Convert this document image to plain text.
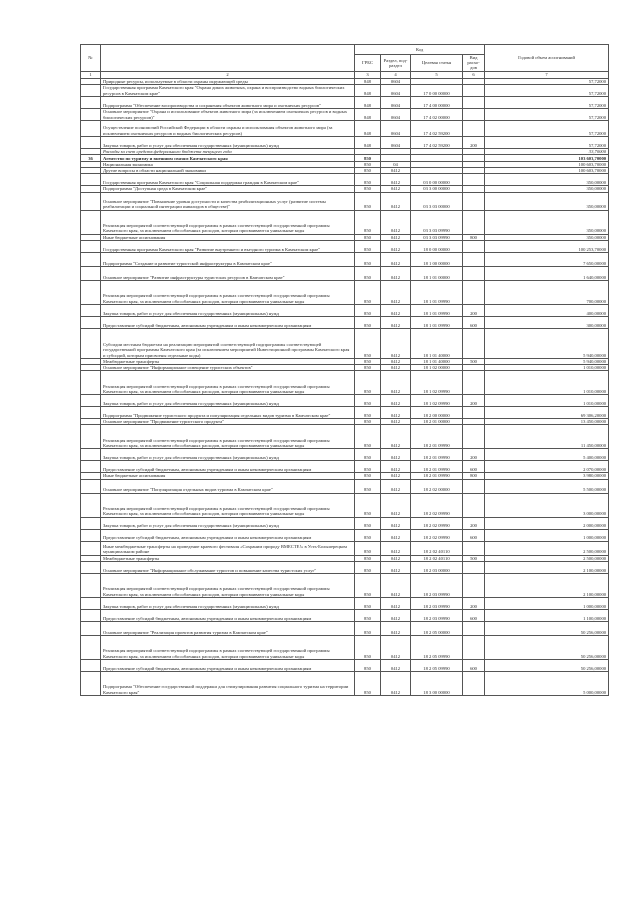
№		Код				Годовой объем ассигнований
		ГРБС	Раздел, под-раздел	Целевая статья	Вид расхо-дов	
1	2	3	4	5	6	7
	Природные ресурсы, используемые в области охраны окружающей среды	848	0604			57,72000
	Государственная программа Камчатского края "Охрана диких животных, охрана и воспроизводство водных биологических ресурсов в Камчатском крае"	848	0604	17 0 00 00000		57,72000
	Подпрограмма "Обеспечение воспроизводства и сохранения объектов животного мира и охотничьих ресурсов"	848	0604	17 4 00 00000		57,72000
	Основное мероприятие "Охрана и использование объектов животного мира (за исключением охотничьих ресурсов и водных биологических ресурсов)"	848	0604	17 4 02 00000		57,72000
	Осуществление полномочий Российской Федерации в области охраны и использования объектов животного мира (за исключением охотничьих ресурсов и водных биологических ресурсов)	848	0604	17 4 02 59200		57,72000
	Закупка товаров, работ и услуг для обеспечения государственных (муниципальных) нужд	848	0604	17 4 02 59200	200	57,72000
	Расходы за счет средств федерального бюджета текущего года					33,70000
36	Агентство по туризму и внешним связям Камчатского края	850				103 603,70000
	Национальная экономика	850	04			100 603,70000
	Другие вопросы в области национальной экономики	850	0412			100 603,70000
	Государственная программа Камчатского края "Социальная поддержка граждан в Камчатском крае"	850	0412	03 0 00 00000		350,00000
	Подпрограмма "Доступная среда в Камчатском крае"	850	0412	03 3 00 00000		350,00000
	Основное мероприятие "Повышение уровня доступности и качества реабилитационных услуг (развитие системы реабилитации и социальной интеграции инвалидов в обществе)"	850	0412	03 3 03 00000		350,00000
	Реализация мероприятий соответствующей подпрограммы в рамках соответствующей государственной программы Камчатского края, за исключением обособленных расходов, которым присваиваются уникальные коды	850	0412	03 3 03 09990		350,00000
	Иные бюджетные ассигнования	850	0412	03 3 03 09990	800	350,00000
	Государственная программа Камчатского края "Развитие внутреннего и въездного туризма в Камчатском крае"	850	0412	18 0 00 00000		100 253,70000
	Подпрограмма "Создание и развитие туристской инфраструктуры в Камчатском крае"	850	0412	18 1 00 00000		7 650,00000
	Основное мероприятие "Развитие инфраструктуры туристских ресурсов в Камчатском крае"	850	0412	18 1 01 00000		1 640,00000
	Реализация мероприятий соответствующей подпрограммы в рамках соответствующей государственной программы Камчатского края, за исключением обособленных расходов, которым присваиваются уникальные коды	850	0412	18 1 01 09990		700,00000
	Закупка товаров, работ и услуг для обеспечения государственных (муниципальных) нужд	850	0412	18 1 01 09990	200	400,00000
	Предоставление субсидий бюджетным, автономным учреждениям и иным некоммерческим организациям	850	0412	18 1 01 09990	600	300,00000
	Субсидии местным бюджетам на реализацию мероприятий соответствующей подпрограммы соответствующей государственной программы Камчатского края (за исключением мероприятий Инвестиционной программы Камчатского края и субсидий, которым присвоены отдельные коды)	850	0412	18 1 01 40000		5 940,00000
	Межбюджетные трансферты	850	0412	18 1 01 40000	500	5 940,00000
	Основное мероприятие "Информационное освещение туристских объектов"	850	0412	18 1 02 00000		1 010,00000
	Реализация мероприятий соответствующей подпрограммы в рамках соответствующей государственной программы Камчатского края, за исключением обособленных расходов, которым присваиваются уникальные коды	850	0412	18 1 02 09990		1 010,00000
	Закупка товаров, работ и услуг для обеспечения государственных (муниципальных) нужд	850	0412	18 1 02 09990	200	1 010,00000
	Подпрограмма "Продвижение туристского продукта и популяризация отдельных видов туризма в Камчатском крае"	850	0412	18 2 00 00000		69 306,20000
	Основное мероприятие "Продвижение туристского продукта"	850	0412	18 2 01 00000		13 450,00000
	Реализация мероприятий соответствующей подпрограммы в рамках соответствующей государственной программы Камчатского края, за исключением обособленных расходов, которым присваиваются уникальные коды	850	0412	18 2 01 09990		11 450,00000
	Закупка товаров, работ и услуг для обеспечения государственных (муниципальных) нужд	850	0412	18 2 01 09990	200	5 400,00000
	Предоставление субсидий бюджетным, автономным учреждениям и иным некоммерческим организациям	850	0412	18 2 01 09990	600	2 070,00000
	Иные бюджетные ассигнования	850	0412	18 2 01 09990	800	3 980,00000
	Основное мероприятие "Популяризация отдельных видов туризма в Камчатском крае"	850	0412	18 2 02 00000		5 500,00000
	Реализация мероприятий соответствующей подпрограммы в рамках соответствующей государственной программы Камчатского края, за исключением обособленных расходов, которым присваиваются уникальные коды	850	0412	18 2 02 09990		3 000,00000
	Закупка товаров, работ и услуг для обеспечения государственных (муниципальных) нужд	850	0412	18 2 02 09990	200	2 000,00000
	Предоставление субсидий бюджетным, автономным учреждениям и иным некоммерческим организациям	850	0412	18 2 02 09990	600	1 000,00000
	Иные межбюджетные трансферты на проведение краевого фестиваля «Сохраним природу ВМЕСТЕ!» в Усть-Большерецком муниципальном районе	850	0412	18 2 02 40110		2 500,00000
	Межбюджетные трансферты	850	0412	18 2 02 40110	500	2 500,00000
	Основное мероприятие "Информационное обслуживание туристов и повышение качества туристских услуг"	850	0412	18 2 03 00000		2 100,00000
	Реализация мероприятий соответствующей подпрограммы в рамках соответствующей государственной программы Камчатского края, за исключением обособленных расходов, которым присваиваются уникальные коды	850	0412	18 2 03 09990		2 100,00000
	Закупка товаров, работ и услуг для обеспечения государственных (муниципальных) нужд	850	0412	18 2 03 09990	200	1 000,00000
	Предоставление субсидий бюджетным, автономным учреждениям и иным некоммерческим организациям	850	0412	18 2 03 09990	600	1 100,00000
	Основное мероприятие "Реализация проектов развития туризма в Камчатском крае"	850	0412	18 2 05 00000		50 256,00000
	Реализация мероприятий соответствующей подпрограммы в рамках соответствующей государственной программы Камчатского края, за исключением обособленных расходов, которым присваиваются уникальные коды	850	0412	18 2 05 09990		50 256,00000
	Предоставление субсидий бюджетным, автономным учреждениям и иным некоммерческим организациям	850	0412	18 2 05 09990	600	50 256,00000
	Подпрограмма "Обеспечение государственной поддержки для стимулирования развития социального туризма на территории Камчатского края"	850	0412	18 3 00 00000		5 000,00000
